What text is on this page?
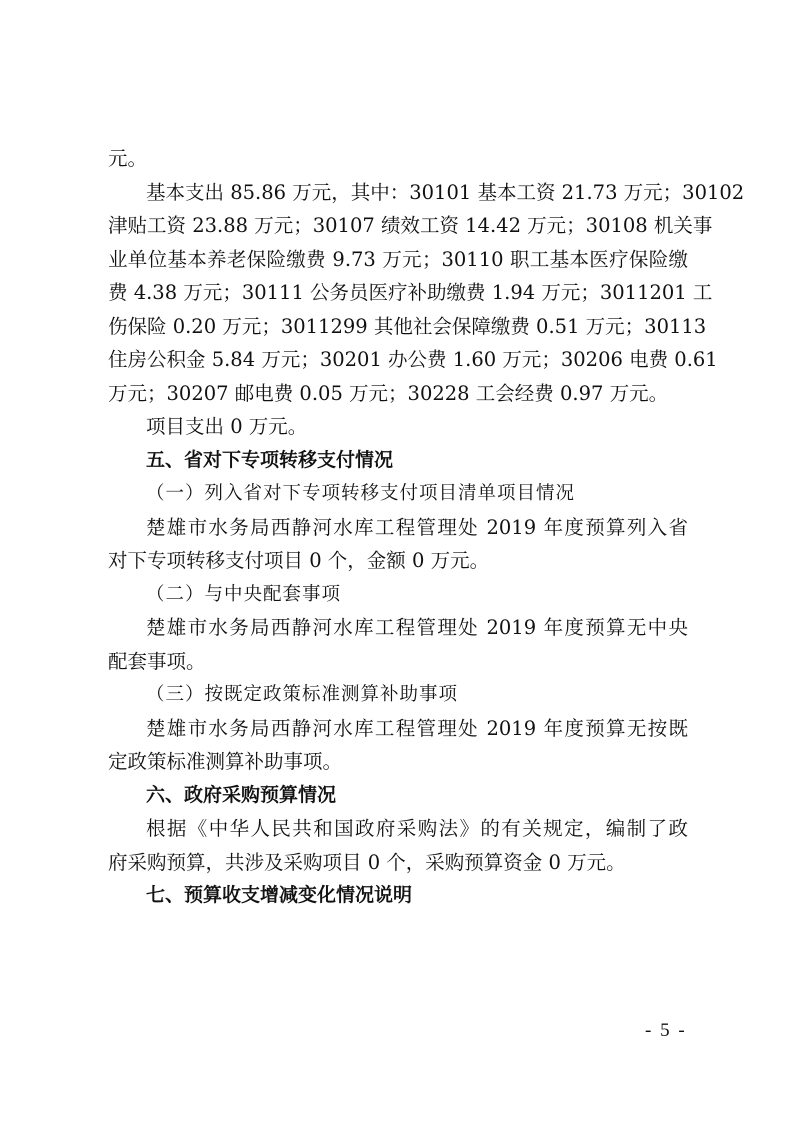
元。
基本支出 85.86 万元，其中：30101 基本工资 21.73 万元；30102
津贴工资 23.88 万元；30107 绩效工资 14.42 万元；30108 机关事
业单位基本养老保险缴费 9.73 万元；30110 职工基本医疗保险缴
费 4.38 万元；30111 公务员医疗补助缴费 1.94 万元；3011201 工
伤保险 0.20 万元；3011299 其他社会保障缴费 0.51 万元；30113
住房公积金 5.84 万元；30201 办公费 1.60 万元；30206 电费 0.61
万元；30207 邮电费 0.05 万元；30228 工会经费 0.97 万元。
项目支出 0 万元。
五、省对下专项转移支付情况
（一）列入省对下专项转移支付项目清单项目情况
楚雄市水务局西静河水库工程管理处 2019 年度预算列入省
对下专项转移支付项目 0 个，金额 0 万元。
（二）与中央配套事项
楚雄市水务局西静河水库工程管理处 2019 年度预算无中央
配套事项。
（三）按既定政策标准测算补助事项
楚雄市水务局西静河水库工程管理处 2019 年度预算无按既
定政策标准测算补助事项。
六、政府采购预算情况
根据《中华人民共和国政府采购法》的有关规定，编制了政
府采购预算，共涉及采购项目 0 个，采购预算资金 0 万元。
七、预算收支增减变化情况说明
- 5 -
